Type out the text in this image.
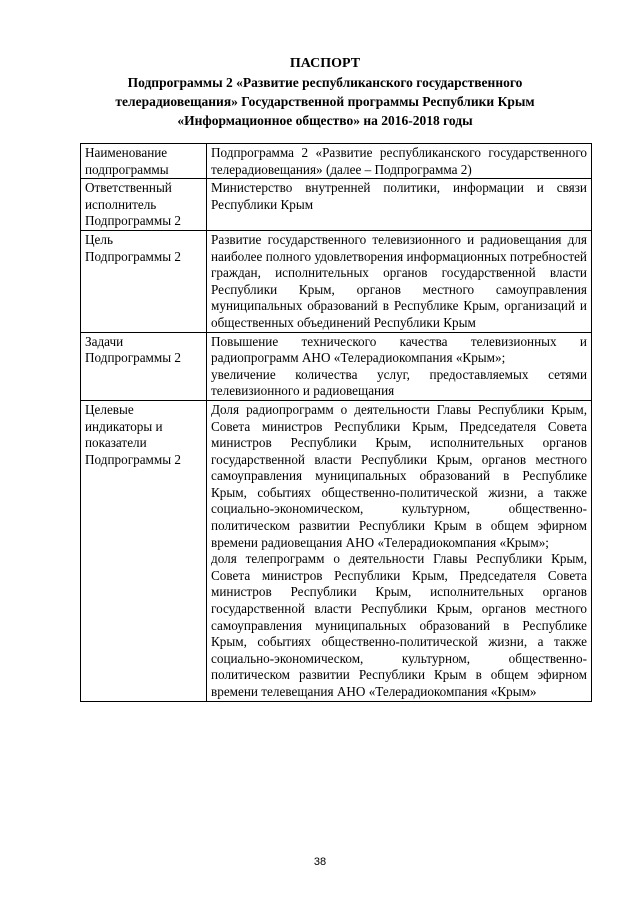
ПАСПОРТ
Подпрограммы 2 «Развитие республиканского государственного
телерадиовещания» Государственной программы Республики Крым
«Информационное общество» на 2016-2018 годы
Наименование подпрограммы	Подпрограмма 2 «Развитие республиканского государственного телерадиовещания» (далее – Подпрограмма 2)

Ответственный исполнитель Подпрограммы 2	Министерство внутренней политики, информации и связи Республики Крым

Цель Подпрограммы 2	Развитие государственного телевизионного и радиовещания для наиболее полного удовлетворения информационных потребностей граждан, исполнительных органов государственной власти Республики Крым, органов местного самоуправления муниципальных образований в Республике Крым, организаций и общественных объединений Республики Крым

Задачи Подпрограммы 2	Повышение технического качества телевизионных и радиопрограмм АНО «Телерадиокомпания «Крым»;
увеличение количества услуг, предоставляемых сетями телевизионного и радиовещания

Целевые индикаторы и показатели Подпрограммы 2	Доля радиопрограмм о деятельности Главы Республики Крым, Совета министров Республики Крым, Председателя Совета министров Республики Крым, исполнительных органов государственной власти Республики Крым, органов местного самоуправления муниципальных образований в Республике Крым, событиях общественно-политической жизни, а также социально-экономическом, культурном, общественно-политическом развитии Республики Крым в общем эфирном времени радиовещания АНО «Телерадиокомпания «Крым»;
доля телепрограмм о деятельности Главы Республики Крым, Совета министров Республики Крым, Председателя Совета министров Республики Крым, исполнительных органов государственной власти Республики Крым, органов местного самоуправления муниципальных образований в Республике Крым, событиях общественно-политической жизни, а также социально-экономическом, культурном, общественно-политическом развитии Республики Крым в общем эфирном времени телевещания АНО «Телерадиокомпания «Крым»
38
